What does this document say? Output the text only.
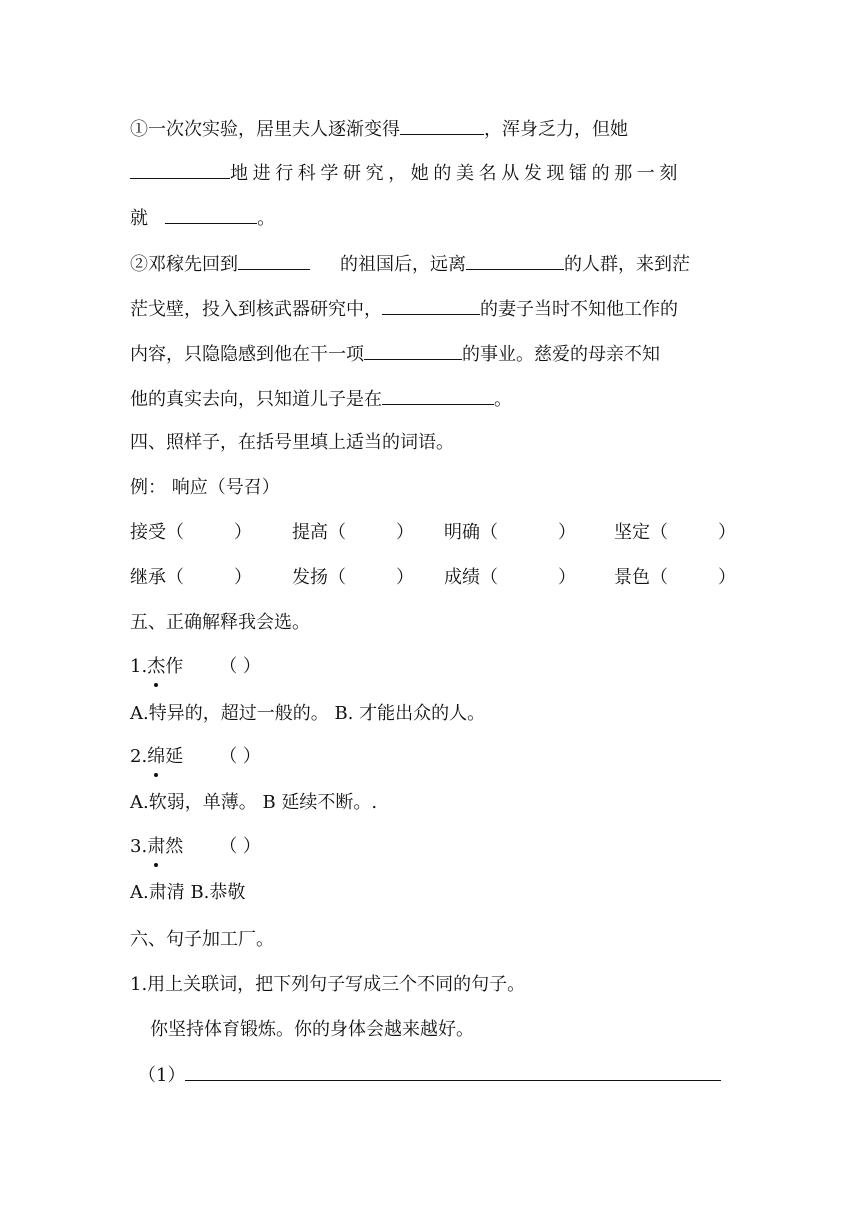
①一次次实验，居里夫人逐渐变得	，浑身乏力，但她
地进行科学研究，她的美名从发现镭的那一刻
就	。
②邓稼先回到	的祖国后，远离	的人群，来到茫
茫戈壁，投入到核武器研究中，	的妻子当时不知他工作的
内容，只隐隐感到他在干一项	的事业。慈爱的母亲不知
他的真实去向，只知道儿子是在	。
四、照样子，在括号里填上适当的词语。
例： 响应（号召）
接受（	） 提高（	） 明确（	） 坚定（	）
继承（	） 发扬（	） 成绩（	） 景色（	）
五、正确解释我会选。
1.杰作 （ ）
A.特异的，超过一般的。 B. 才能出众的人。
2.绵延 （ ）
A.软弱，单薄。 B 延续不断。.
3.肃然 （ ）
A.肃清 B.恭敬
六、句子加工厂。
1.用上关联词，把下列句子写成三个不同的句子。
你坚持体育锻炼。你的身体会越来越好。
（1）
